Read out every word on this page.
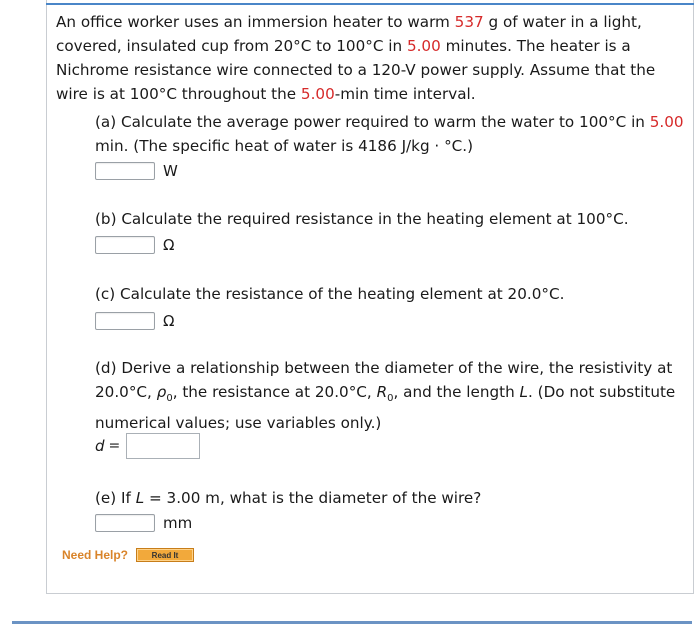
An office worker uses an immersion heater to warm 537 g of water in a light, covered, insulated cup from 20°C to 100°C in 5.00 minutes. The heater is a Nichrome resistance wire connected to a 120-V power supply. Assume that the wire is at 100°C throughout the 5.00-min time interval.
(a) Calculate the average power required to warm the water to 100°C in 5.00 min. (The specific heat of water is 4186 J/kg · °C.)
W
(b) Calculate the required resistance in the heating element at 100°C.
Ω
(c) Calculate the resistance of the heating element at 20.0°C.
Ω
(d) Derive a relationship between the diameter of the wire, the resistivity at 20.0°C, $\rho_0$, the resistance at 20.0°C, $R_0$, and the length L. (Do not substitute numerical values; use variables only.)
d =
(e) If L = 3.00 m, what is the diameter of the wire?
mm
Need Help?	Read It
